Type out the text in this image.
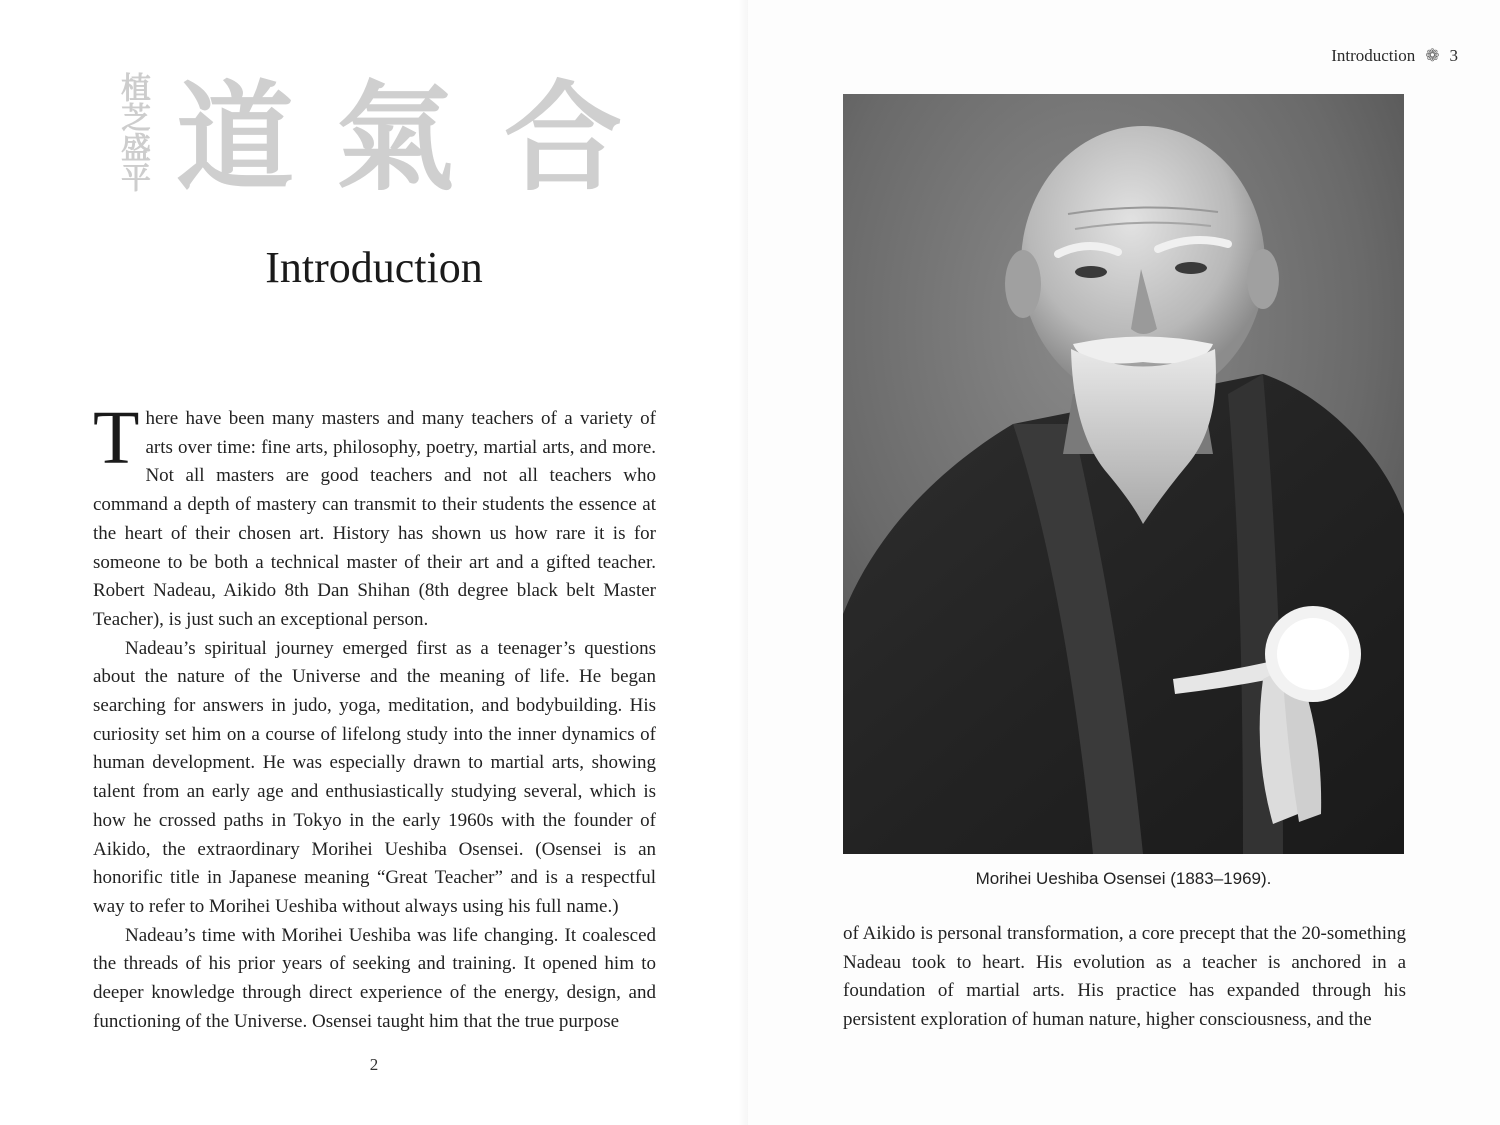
植芝盛平 道 氣 合
Introduction

There have been many masters and many teachers of a variety of arts over time: fine arts, philosophy, poetry, martial arts, and more. Not all masters are good teachers and not all teachers who command a depth of mastery can transmit to their students the essence at the heart of their chosen art. History has shown us how rare it is for someone to be both a technical master of their art and a gifted teacher. Robert Nadeau, Aikido 8th Dan Shihan (8th degree black belt Master Teacher), is just such an exceptional person.

Nadeau’s spiritual journey emerged first as a teenager’s questions about the nature of the Universe and the meaning of life. He began searching for answers in judo, yoga, meditation, and bodybuilding. His curiosity set him on a course of lifelong study into the inner dynamics of human development. He was especially drawn to martial arts, showing talent from an early age and enthusiastically studying several, which is how he crossed paths in Tokyo in the early 1960s with the founder of Aikido, the extraordinary Morihei Ueshiba Osensei. (Osensei is an honorific title in Japanese meaning “Great Teacher” and is a respectful way to refer to Morihei Ueshiba without always using his full name.)

Nadeau’s time with Morihei Ueshiba was life changing. It coalesced the threads of his prior years of seeking and training. It opened him to deeper knowledge through direct experience of the energy, design, and functioning of the Universe. Osensei taught him that the true purpose

2
Introduction ❁ 3
Morihei Ueshiba Osensei (1883–1969).

of Aikido is personal transformation, a core precept that the 20-something Nadeau took to heart. His evolution as a teacher is anchored in a foundation of martial arts. His practice has expanded through his persistent exploration of human nature, higher consciousness, and the
